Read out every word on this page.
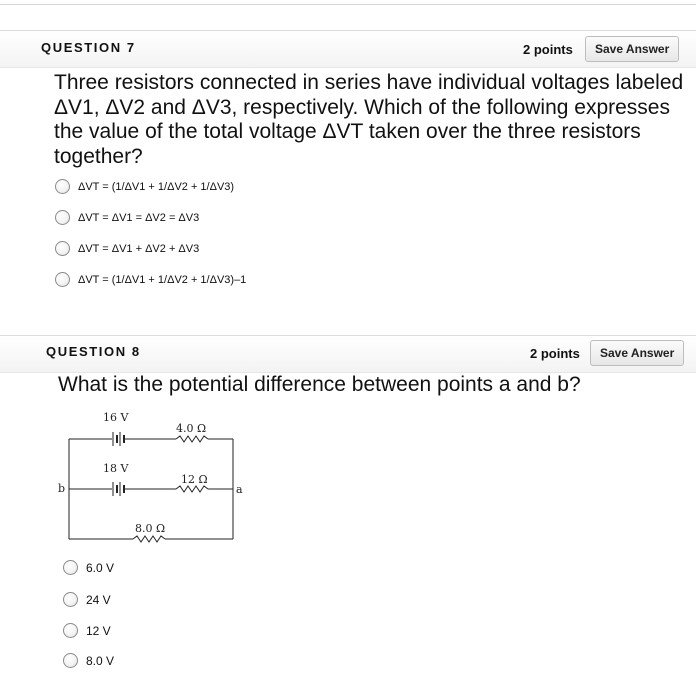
QUESTION 7	2 points	Save Answer
Three resistors connected in series have individual voltages labeled ΔV1, ΔV2 and ΔV3, respectively. Which of the following expresses the value of the total voltage ΔVT taken over the three resistors together?
ΔVT = (1/ΔV1 + 1/ΔV2 + 1/ΔV3)
ΔVT = ΔV1 = ΔV2 = ΔV3
ΔVT = ΔV1 + ΔV2 + ΔV3
ΔVT = (1/ΔV1 + 1/ΔV2 + 1/ΔV3)–1
QUESTION 8	2 points	Save Answer
What is the potential difference between points a and b?
16 V
18 V
4.0 Ω
12 Ω
8.0 Ω
b	a
6.0 V
24 V
12 V
8.0 V
